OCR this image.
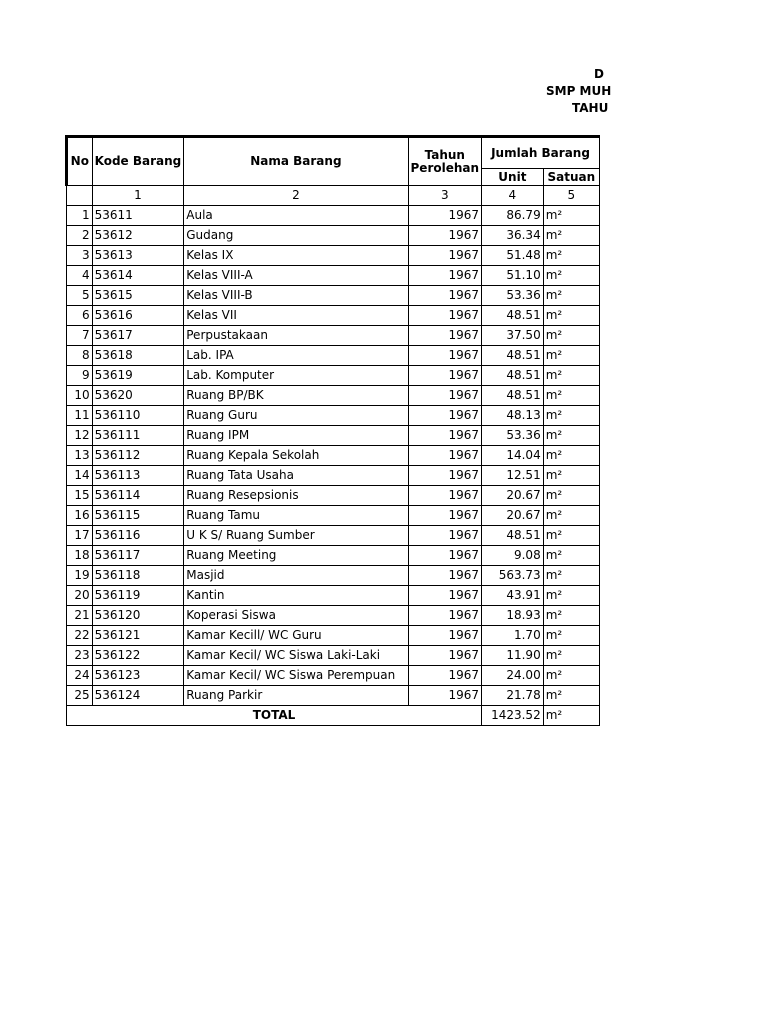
D
SMP MUH
TAHU
No	Kode Barang	Nama Barang	Tahun Perolehan	Jumlah Barang	
				Unit	Satuan
	1	2	3	4	5
1	53611	Aula	1967	86.79	m²
2	53612	Gudang	1967	36.34	m²
3	53613	Kelas IX	1967	51.48	m²
4	53614	Kelas VIII-A	1967	51.10	m²
5	53615	Kelas VIII-B	1967	53.36	m²
6	53616	Kelas VII	1967	48.51	m²
7	53617	Perpustakaan	1967	37.50	m²
8	53618	Lab. IPA	1967	48.51	m²
9	53619	Lab. Komputer	1967	48.51	m²
10	53620	Ruang BP/BK	1967	48.51	m²
11	536110	Ruang Guru	1967	48.13	m²
12	536111	Ruang IPM	1967	53.36	m²
13	536112	Ruang Kepala Sekolah	1967	14.04	m²
14	536113	Ruang Tata Usaha	1967	12.51	m²
15	536114	Ruang Resepsionis	1967	20.67	m²
16	536115	Ruang Tamu	1967	20.67	m²
17	536116	U K S/ Ruang Sumber	1967	48.51	m²
18	536117	Ruang Meeting	1967	9.08	m²
19	536118	Masjid	1967	563.73	m²
20	536119	Kantin	1967	43.91	m²
21	536120	Koperasi Siswa	1967	18.93	m²
22	536121	Kamar Kecill/ WC Guru	1967	1.70	m²
23	536122	Kamar Kecil/ WC Siswa Laki-Laki	1967	11.90	m²
24	536123	Kamar Kecil/ WC Siswa Perempuan	1967	24.00	m²
25	536124	Ruang Parkir	1967	21.78	m²
TOTAL				1423.52	m²
